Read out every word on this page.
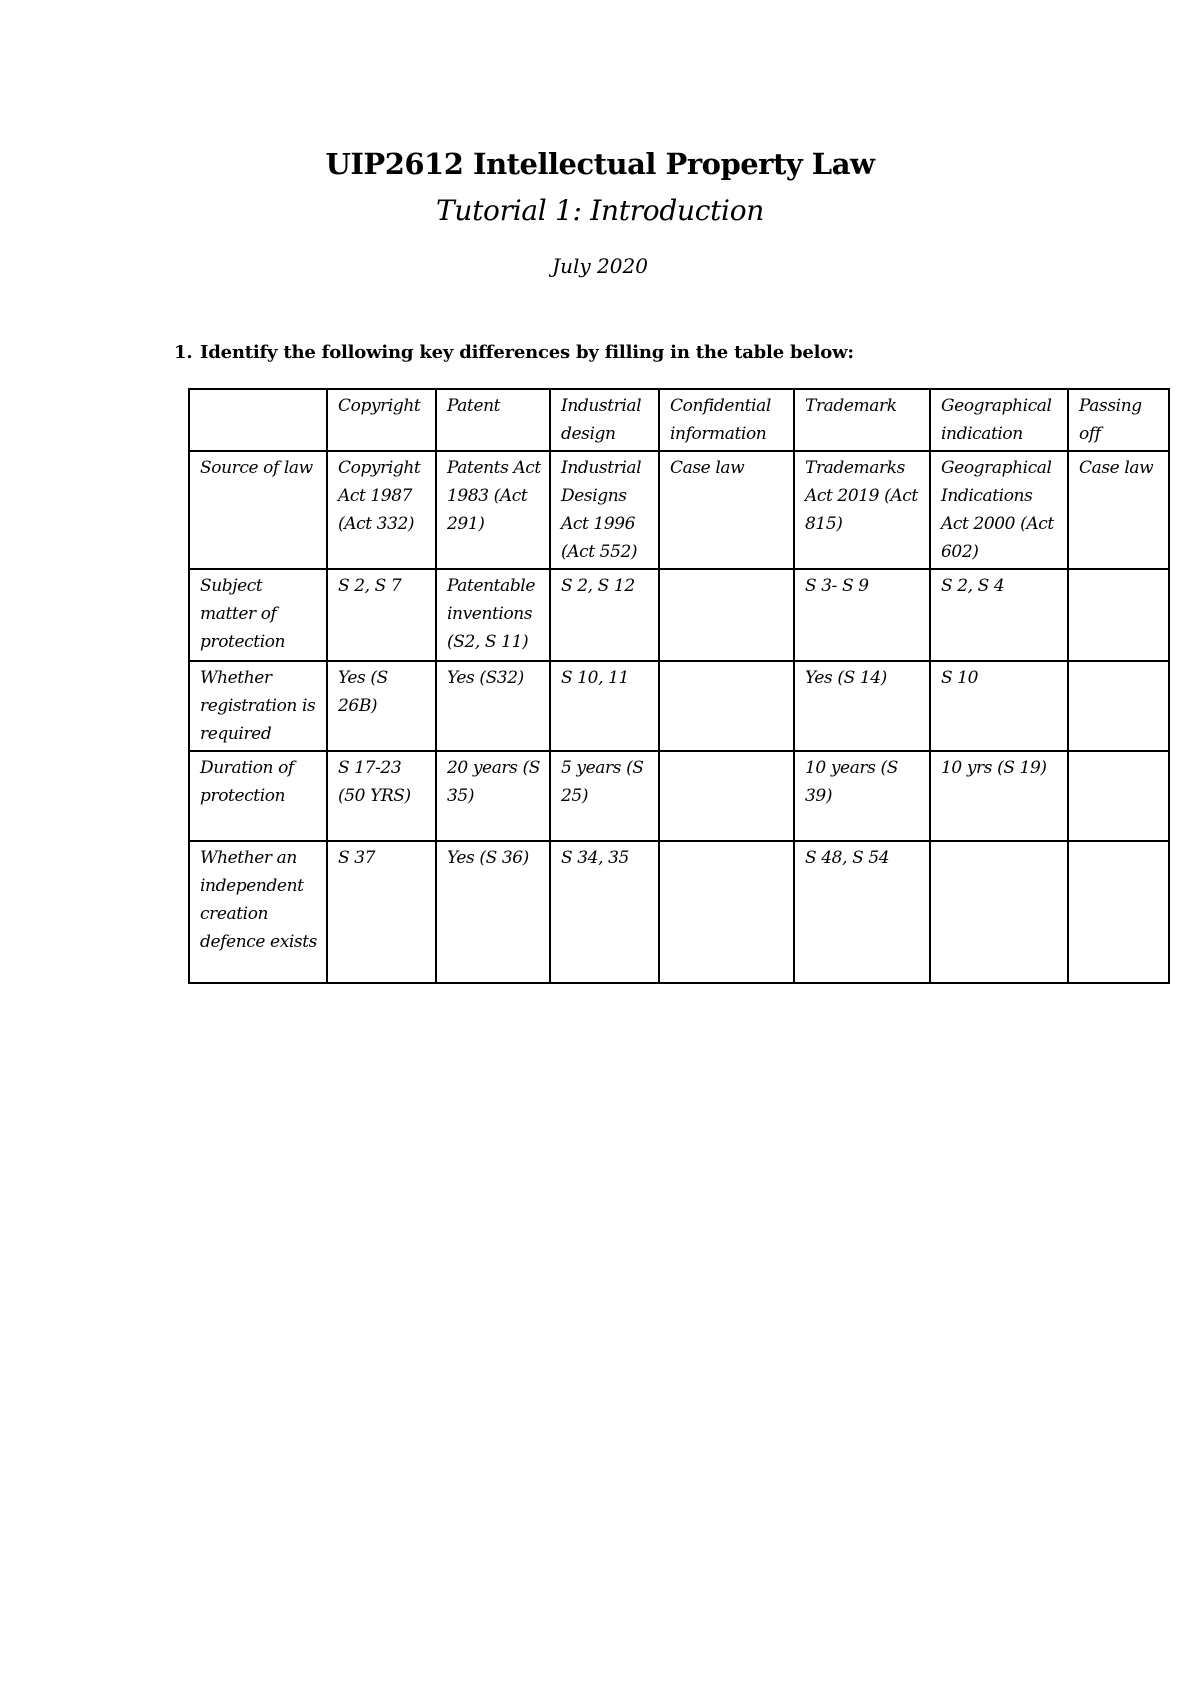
UIP2612 Intellectual Property Law
Tutorial 1: Introduction
July 2020
1. Identify the following key differences by filling in the table below:
	Copyright	Patent	Industrial design	Confidential information	Trademark	Geographical indication	Passing off
Source of law	Copyright Act 1987 (Act 332)	Patents Act 1983 (Act 291)	Industrial Designs Act 1996 (Act 552)	Case law	Trademarks Act 2019 (Act 815)	Geographical Indications Act 2000 (Act 602)	Case law
Subject matter of protection	S 2, S 7	Patentable inventions (S2, S 11)	S 2, S 12		S 3- S 9	S 2, S 4	
Whether registration is required	Yes (S 26B)	Yes (S32)	S 10, 11		Yes (S 14)	S 10	
Duration of protection	S 17-23 (50 YRS)	20 years (S 35)	5 years (S 25)		10 years (S 39)	10 yrs (S 19)	
Whether an independent creation defence exists	S 37	Yes (S 36)	S 34, 35		S 48, S 54		
